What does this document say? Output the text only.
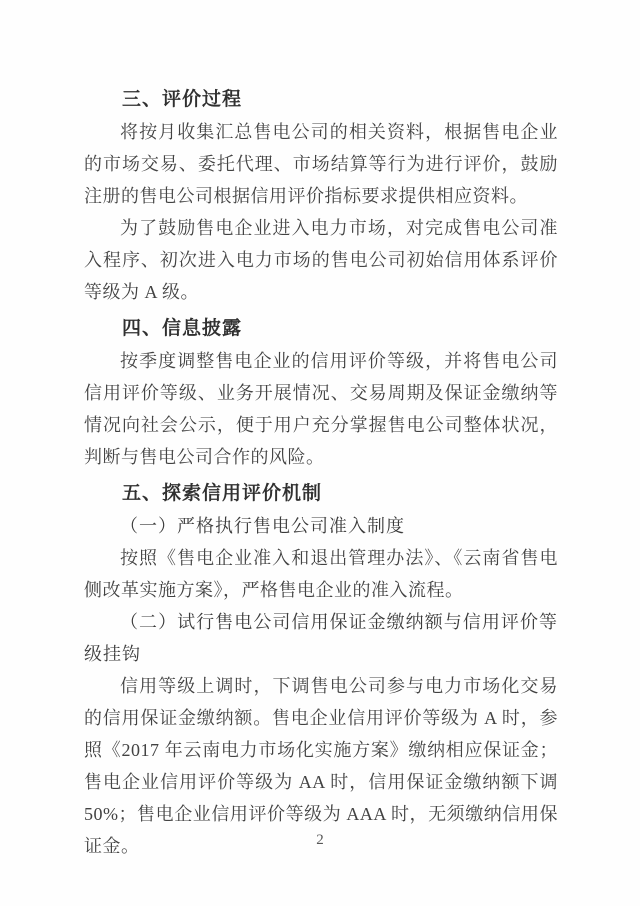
三、评价过程

将按月收集汇总售电公司的相关资料，根据售电企业的市场交易、委托代理、市场结算等行为进行评价，鼓励注册的售电公司根据信用评价指标要求提供相应资料。

为了鼓励售电企业进入电力市场，对完成售电公司准入程序、初次进入电力市场的售电公司初始信用体系评价等级为 A 级。

四、信息披露

按季度调整售电企业的信用评价等级，并将售电公司信用评价等级、业务开展情况、交易周期及保证金缴纳等情况向社会公示，便于用户充分掌握售电公司整体状况，判断与售电公司合作的风险。

五、探索信用评价机制

（一）严格执行售电公司准入制度

按照《售电企业准入和退出管理办法》、《云南省售电侧改革实施方案》，严格售电企业的准入流程。

（二）试行售电公司信用保证金缴纳额与信用评价等级挂钩

信用等级上调时，下调售电公司参与电力市场化交易的信用保证金缴纳额。售电企业信用评价等级为 A 时，参照《2017 年云南电力市场化实施方案》缴纳相应保证金；售电企业信用评价等级为 AA 时，信用保证金缴纳额下调 50%；售电企业信用评价等级为 AAA 时，无须缴纳信用保证金。	2
